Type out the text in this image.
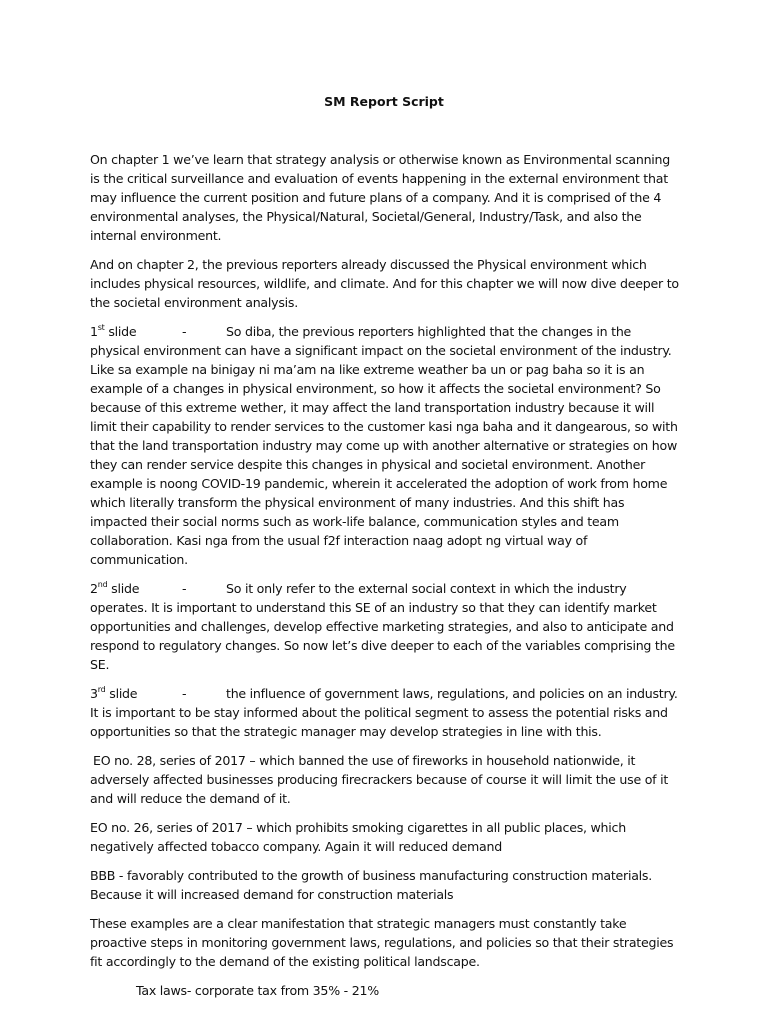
SM Report Script

On chapter 1 we’ve learn that strategy analysis or otherwise known as Environmental scanning is the critical surveillance and evaluation of events happening in the external environment that may influence the current position and future plans of a company. And it is comprised of the 4 environmental analyses, the Physical/Natural, Societal/General, Industry/Task, and also the internal environment.

And on chapter 2, the previous reporters already discussed the Physical environment which includes physical resources, wildlife, and climate. And for this chapter we will now dive deeper to the societal environment analysis.

1st slide	-	So diba, the previous reporters highlighted that the changes in the physical environment can have a significant impact on the societal environment of the industry. Like sa example na binigay ni ma’am na like extreme weather ba un or pag baha so it is an example of a changes in physical environment, so how it affects the societal environment? So because of this extreme wether, it may affect the land transportation industry because it will limit their capability to render services to the customer kasi nga baha and it dangearous, so with that the land transportation industry may come up with another alternative or strategies on how they can render service despite this changes in physical and societal environment. Another example is noong COVID-19 pandemic, wherein it accelerated the adoption of work from home which literally transform the physical environment of many industries. And this shift has impacted their social norms such as work-life balance, communication styles and team collaboration. Kasi nga from the usual f2f interaction naag adopt ng virtual way of communication.

2nd slide	-	So it only refer to the external social context in which the industry operates. It is important to understand this SE of an industry so that they can identify market opportunities and challenges, develop effective marketing strategies, and also to anticipate and respond to regulatory changes. So now let’s dive deeper to each of the variables comprising the SE.

3rd slide	-	the influence of government laws, regulations, and policies on an industry. It is important to be stay informed about the political segment to assess the potential risks and opportunities so that the strategic manager may develop strategies in line with this.

EO no. 28, series of 2017 – which banned the use of fireworks in household nationwide, it adversely affected businesses producing firecrackers because of course it will limit the use of it and will reduce the demand of it.

EO no. 26, series of 2017 – which prohibits smoking cigarettes in all public places, which negatively affected tobacco company. Again it will reduced demand

BBB - favorably contributed to the growth of business manufacturing construction materials. Because it will increased demand for construction materials

These examples are a clear manifestation that strategic managers must constantly take proactive steps in monitoring government laws, regulations, and policies so that their strategies fit accordingly to the demand of the existing political landscape.

Tax laws- corporate tax from 35% - 21%
